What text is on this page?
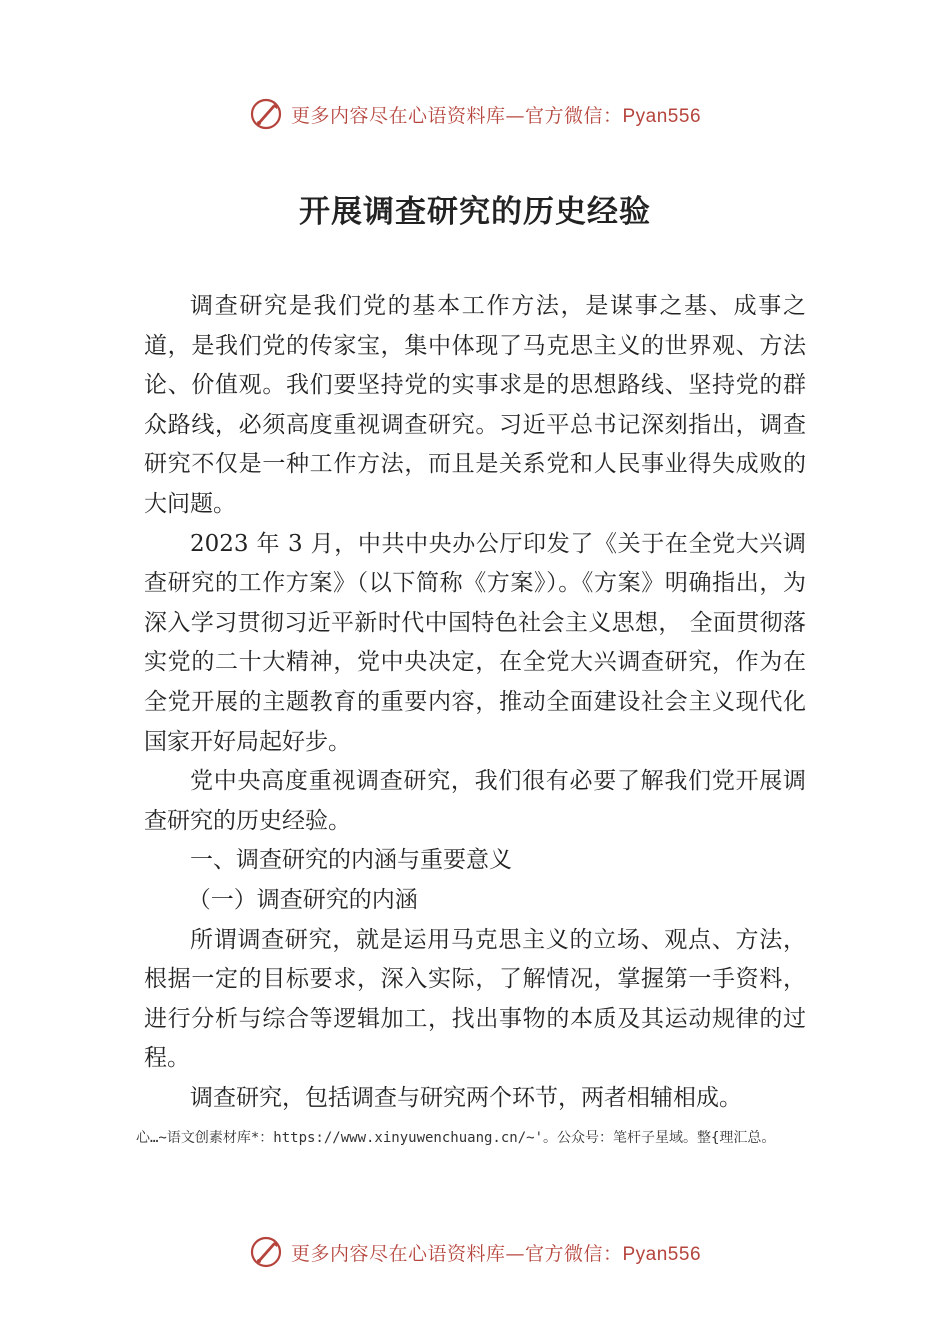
更多内容尽在心语资料库—官方微信：Pyan556
开展调查研究的历史经验

调查研究是我们党的基本工作方法，是谋事之基、成事之道，是我们党的传家宝，集中体现了马克思主义的世界观、方法论、价值观。我们要坚持党的实事求是的思想路线、坚持党的群众路线，必须高度重视调查研究。习近平总书记深刻指出，调查研究不仅是一种工作方法，而且是关系党和人民事业得失成败的大问题。

2023 年 3 月，中共中央办公厅印发了《关于在全党大兴调查研究的工作方案》（以下简称《方案》）。《方案》明确指出，为深入学习贯彻习近平新时代中国特色社会主义思想， 全面贯彻落实党的二十大精神，党中央决定，在全党大兴调查研究，作为在全党开展的主题教育的重要内容，推动全面建设社会主义现代化国家开好局起好步。

党中央高度重视调查研究，我们很有必要了解我们党开展调查研究的历史经验。

一、调查研究的内涵与重要意义

（一）调查研究的内涵

所谓调查研究，就是运用马克思主义的立场、观点、方法，根据一定的目标要求，深入实际，了解情况，掌握第一手资料，进行分析与综合等逻辑加工，找出事物的本质及其运动规律的过程。

调查研究，包括调查与研究两个环节，两者相辅相成。

心…~语文创素材库*：https://www.xinyuwenchuang.cn/~'。公众号：笔杆子星域。整{理汇总。
更多内容尽在心语资料库—官方微信：Pyan556
